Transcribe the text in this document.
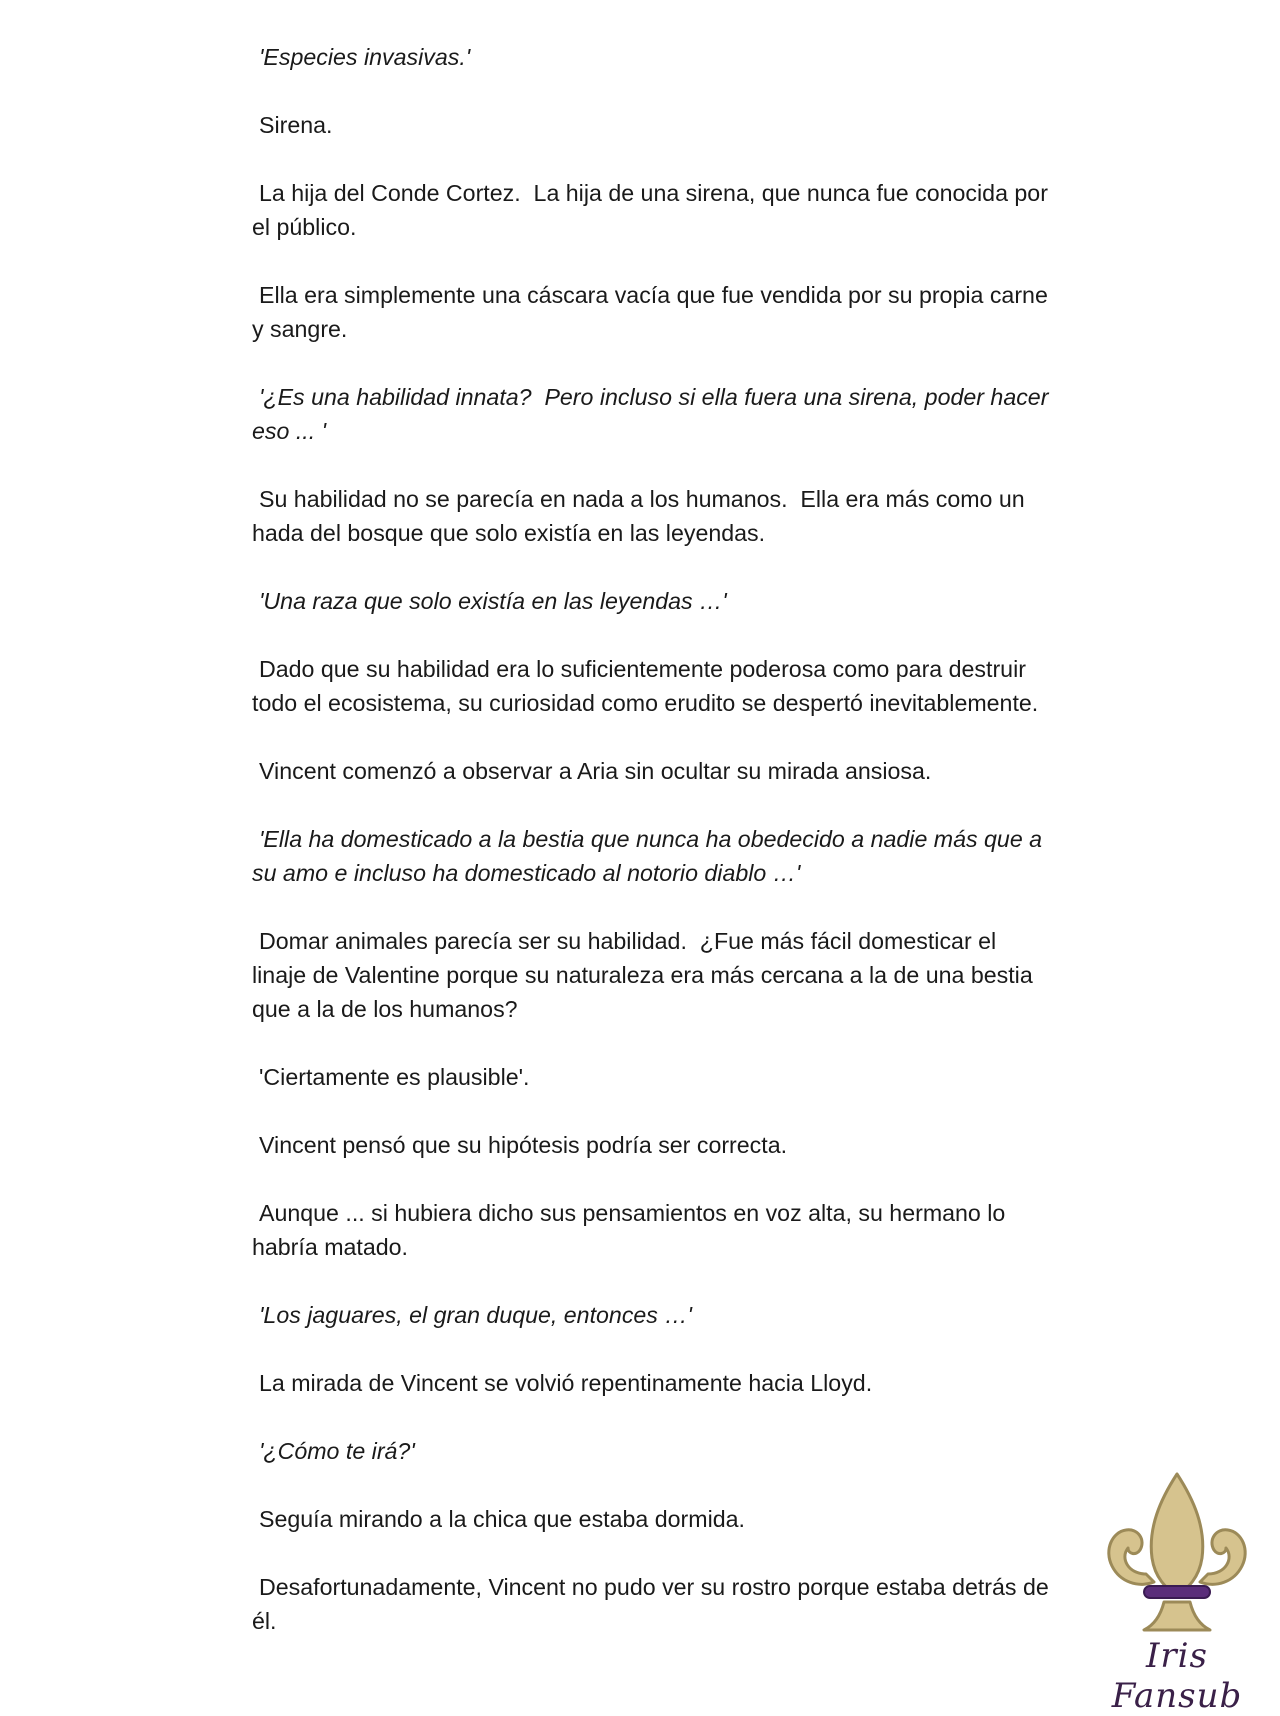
'Especies invasivas.'

Sirena.

La hija del Conde Cortez.  La hija de una sirena, que nunca fue conocida por el público.

Ella era simplemente una cáscara vacía que fue vendida por su propia carne y sangre.

'¿Es una habilidad innata?  Pero incluso si ella fuera una sirena, poder hacer eso ... '

Su habilidad no se parecía en nada a los humanos.  Ella era más como un hada del bosque que solo existía en las leyendas.

'Una raza que solo existía en las leyendas …'

Dado que su habilidad era lo suficientemente poderosa como para destruir todo el ecosistema, su curiosidad como erudito se despertó inevitablemente.

Vincent comenzó a observar a Aria sin ocultar su mirada ansiosa.

'Ella ha domesticado a la bestia que nunca ha obedecido a nadie más que a su amo e incluso ha domesticado al notorio diablo …'

Domar animales parecía ser su habilidad.  ¿Fue más fácil domesticar el linaje de Valentine porque su naturaleza era más cercana a la de una bestia que a la de los humanos?

'Ciertamente es plausible'.

Vincent pensó que su hipótesis podría ser correcta.

Aunque ... si hubiera dicho sus pensamientos en voz alta, su hermano lo habría matado.

'Los jaguares, el gran duque, entonces …'

La mirada de Vincent se volvió repentinamente hacia Lloyd.

'¿Cómo te irá?'

Seguía mirando a la chica que estaba dormida.

Desafortunadamente, Vincent no pudo ver su rostro porque estaba detrás de él.

Iris Fansub
